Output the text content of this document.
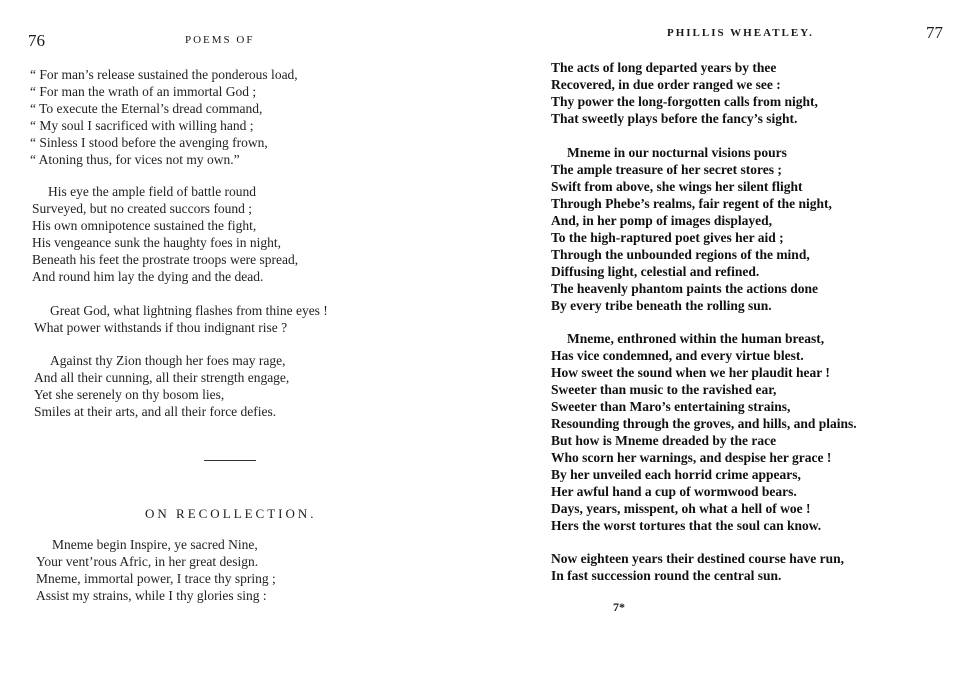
76	POEMS OF
“ For man’s release sustained the ponderous load,
“ For man the wrath of an immortal God ;
“ To execute the Eternal’s dread command,
“ My soul I sacrificed with willing hand ;
“ Sinless I stood before the avenging frown,
“ Atoning thus, for vices not my own.”
His eye the ample field of battle round
Surveyed, but no created succors found ;
His own omnipotence sustained the fight,
His vengeance sunk the haughty foes in night,
Beneath his feet the prostrate troops were spread,
And round him lay the dying and the dead.
Great God, what lightning flashes from thine eyes !
What power withstands if thou indignant rise ?
Against thy Zion though her foes may rage,
And all their cunning, all their strength engage,
Yet she serenely on thy bosom lies,
Smiles at their arts, and all their force defies.
ON RECOLLECTION.
Mneme begin Inspire, ye sacred Nine,
Your vent’rous Afric, in her great design.
Mneme, immortal power, I trace thy spring ;
Assist my strains, while I thy glories sing :
PHILLIS WHEATLEY.	77
The acts of long departed years by thee
Recovered, in due order ranged we see :
Thy power the long-forgotten calls from night,
That sweetly plays before the fancy’s sight.
Mneme in our nocturnal visions pours
The ample treasure of her secret stores ;
Swift from above, she wings her silent flight
Through Phebe’s realms, fair regent of the night,
And, in her pomp of images displayed,
To the high-raptured poet gives her aid ;
Through the unbounded regions of the mind,
Diffusing light, celestial and refined.
The heavenly phantom paints the actions done
By every tribe beneath the rolling sun.
Mneme, enthroned within the human breast,
Has vice condemned, and every virtue blest.
How sweet the sound when we her plaudit hear !
Sweeter than music to the ravished ear,
Sweeter than Maro’s entertaining strains,
Resounding through the groves, and hills, and plains.
But how is Mneme dreaded by the race
Who scorn her warnings, and despise her grace !
By her unveiled each horrid crime appears,
Her awful hand a cup of wormwood bears.
Days, years, misspent, oh what a hell of woe !
Hers the worst tortures that the soul can know.
Now eighteen years their destined course have run,
In fast succession round the central sun.
7*
